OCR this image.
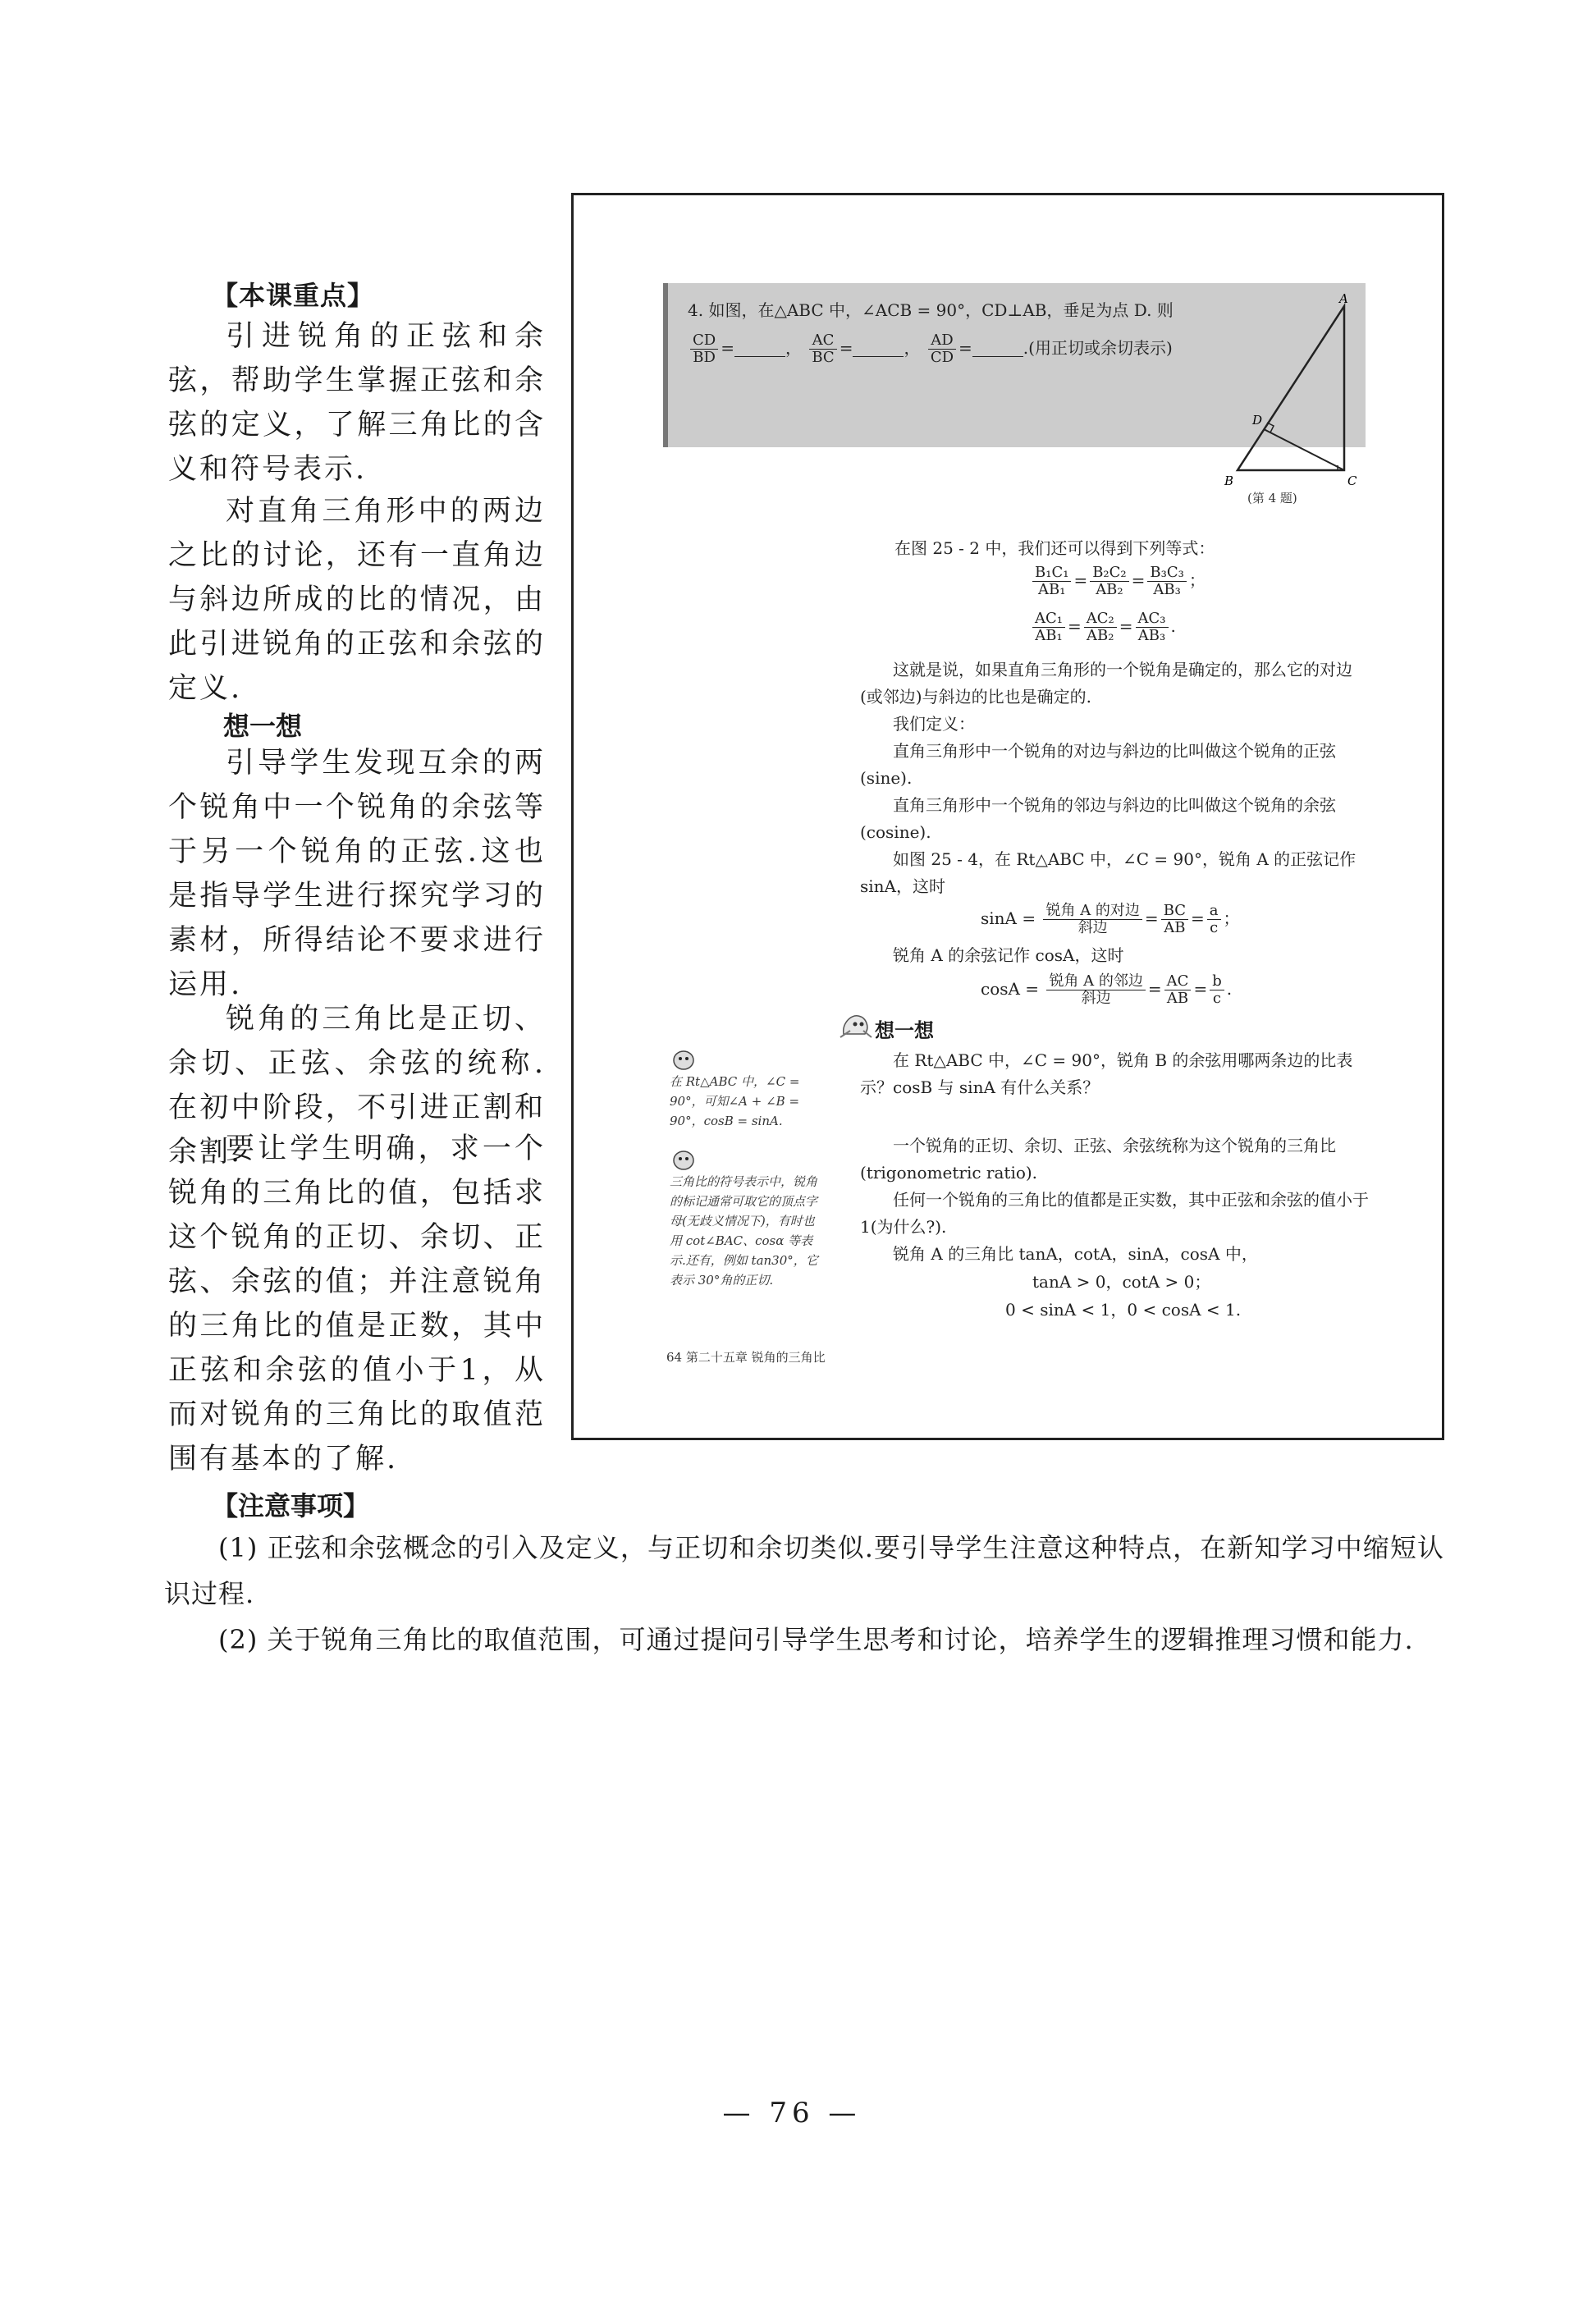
【本课重点】
引进锐角的正弦和余弦，帮助学生掌握正弦和余弦的定义，了解三角比的含义和符号表示.
对直角三角形中的两边之比的讨论，还有一直角边与斜边所成的比的情况，由此引进锐角的正弦和余弦的定义.
想一想
引导学生发现互余的两个锐角中一个锐角的余弦等于另一个锐角的正弦.这也是指导学生进行探究学习的素材，所得结论不要求进行运用.
锐角的三角比是正切、余切、正弦、余弦的统称.在初中阶段，不引进正割和余割.
要让学生明确，求一个锐角的三角比的值，包括求这个锐角的正切、余切、正弦、余弦的值；并注意锐角的三角比的值是正数，其中正弦和余弦的值小于1，从而对锐角的三角比的取值范围有基本的了解.
4. 如图，在△ABC 中，∠ACB = 90°，CD⊥AB，垂足为点 D. 则
$\frac{CD}{BD}$ =	， $\frac{AC}{BC}$ =	， $\frac{AD}{CD}$ =	.(用正切或余切表示)
A
B	C
D
(第 4 题)
在图 25 - 2 中，我们还可以得到下列等式：
$\frac{\text{B₁C₁}}{\text{AB₁}} = \frac{\text{B₂C₂}}{\text{AB₂}} = \frac{\text{B₃C₃}}{\text{AB₃}}$ ；
$\frac{\text{AC₁}}{\text{AB₁}} = \frac{\text{AC₂}}{\text{AB₂}} = \frac{\text{AC₃}}{\text{AB₃}}$ .
这就是说，如果直角三角形的一个锐角是确定的，那么它的对边(或邻边)与斜边的比也是确定的.
我们定义：
直角三角形中一个锐角的对边与斜边的比叫做这个锐角的正弦(sine).
直角三角形中一个锐角的邻边与斜边的比叫做这个锐角的余弦(cosine).
如图 25 - 4，在 Rt△ABC 中，∠C = 90°，锐角 A 的正弦记作 sinA，这时
$\sin A = \frac{\text{锐角 A 的对边}}{\text{斜边}} = \frac{BC}{AB} = \frac{a}{c}$ ；
锐角 A 的余弦记作 cosA，这时
$\cos A = \frac{\text{锐角 A 的邻边}}{\text{斜边}} = \frac{AC}{AB} = \frac{b}{c}$ .
想一想
在 Rt△ABC 中，∠C = 90°，锐角 B 的余弦用哪两条边的比表示？cosB 与 sinA 有什么关系？
在 Rt△ABC 中，∠C = 90°，可知∠A + ∠B = 90°，cosB = sinA.
三角比的符号表示中，锐角的标记通常可取它的顶点字母(无歧义情况下)，有时也用 cot∠BAC、cosα 等表示.还有，例如 tan30°，它表示 30°角的正切.
一个锐角的正切、余切、正弦、余弦统称为这个锐角的三角比(trigonometric ratio).
任何一个锐角的三角比的值都是正实数，其中正弦和余弦的值小于1(为什么?).
锐角 A 的三角比 tanA，cotA，sinA，cosA 中，
tanA > 0，cotA > 0；
0 < sinA < 1，0 < cosA < 1.
64 第二十五章 锐角的三角比
【注意事项】
(1) 正弦和余弦概念的引入及定义，与正切和余切类似.要引导学生注意这种特点，在新知学习中缩短认识过程.
(2) 关于锐角三角比的取值范围，可通过提问引导学生思考和讨论，培养学生的逻辑推理习惯和能力.
— 76 —
